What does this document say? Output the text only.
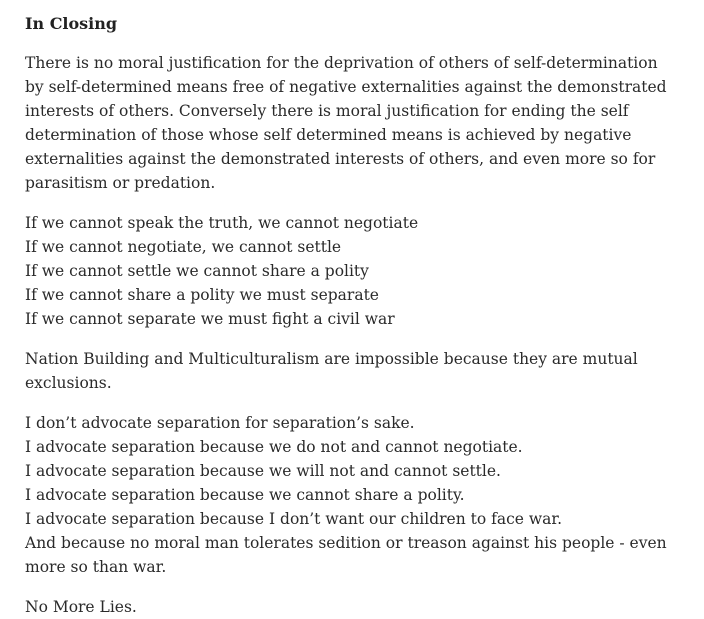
In Closing

There is no moral justification for the deprivation of others of self-determination by self-determined means free of negative externalities against the demonstrated interests of others. Conversely there is moral justification for ending the self determination of those whose self determined means is achieved by negative externalities against the demonstrated interests of others, and even more so for parasitism or predation.

If we cannot speak the truth, we cannot negotiate
If we cannot negotiate, we cannot settle
If we cannot settle we cannot share a polity
If we cannot share a polity we must separate
If we cannot separate we must fight a civil war

Nation Building and Multiculturalism are impossible because they are mutual exclusions.

I don’t advocate separation for separation’s sake.
I advocate separation because we do not and cannot negotiate.
I advocate separation because we will not and cannot settle.
I advocate separation because we cannot share a polity.
I advocate separation because I don’t want our children to face war.
And because no moral man tolerates sedition or treason against his people - even more so than war.

No More Lies.
